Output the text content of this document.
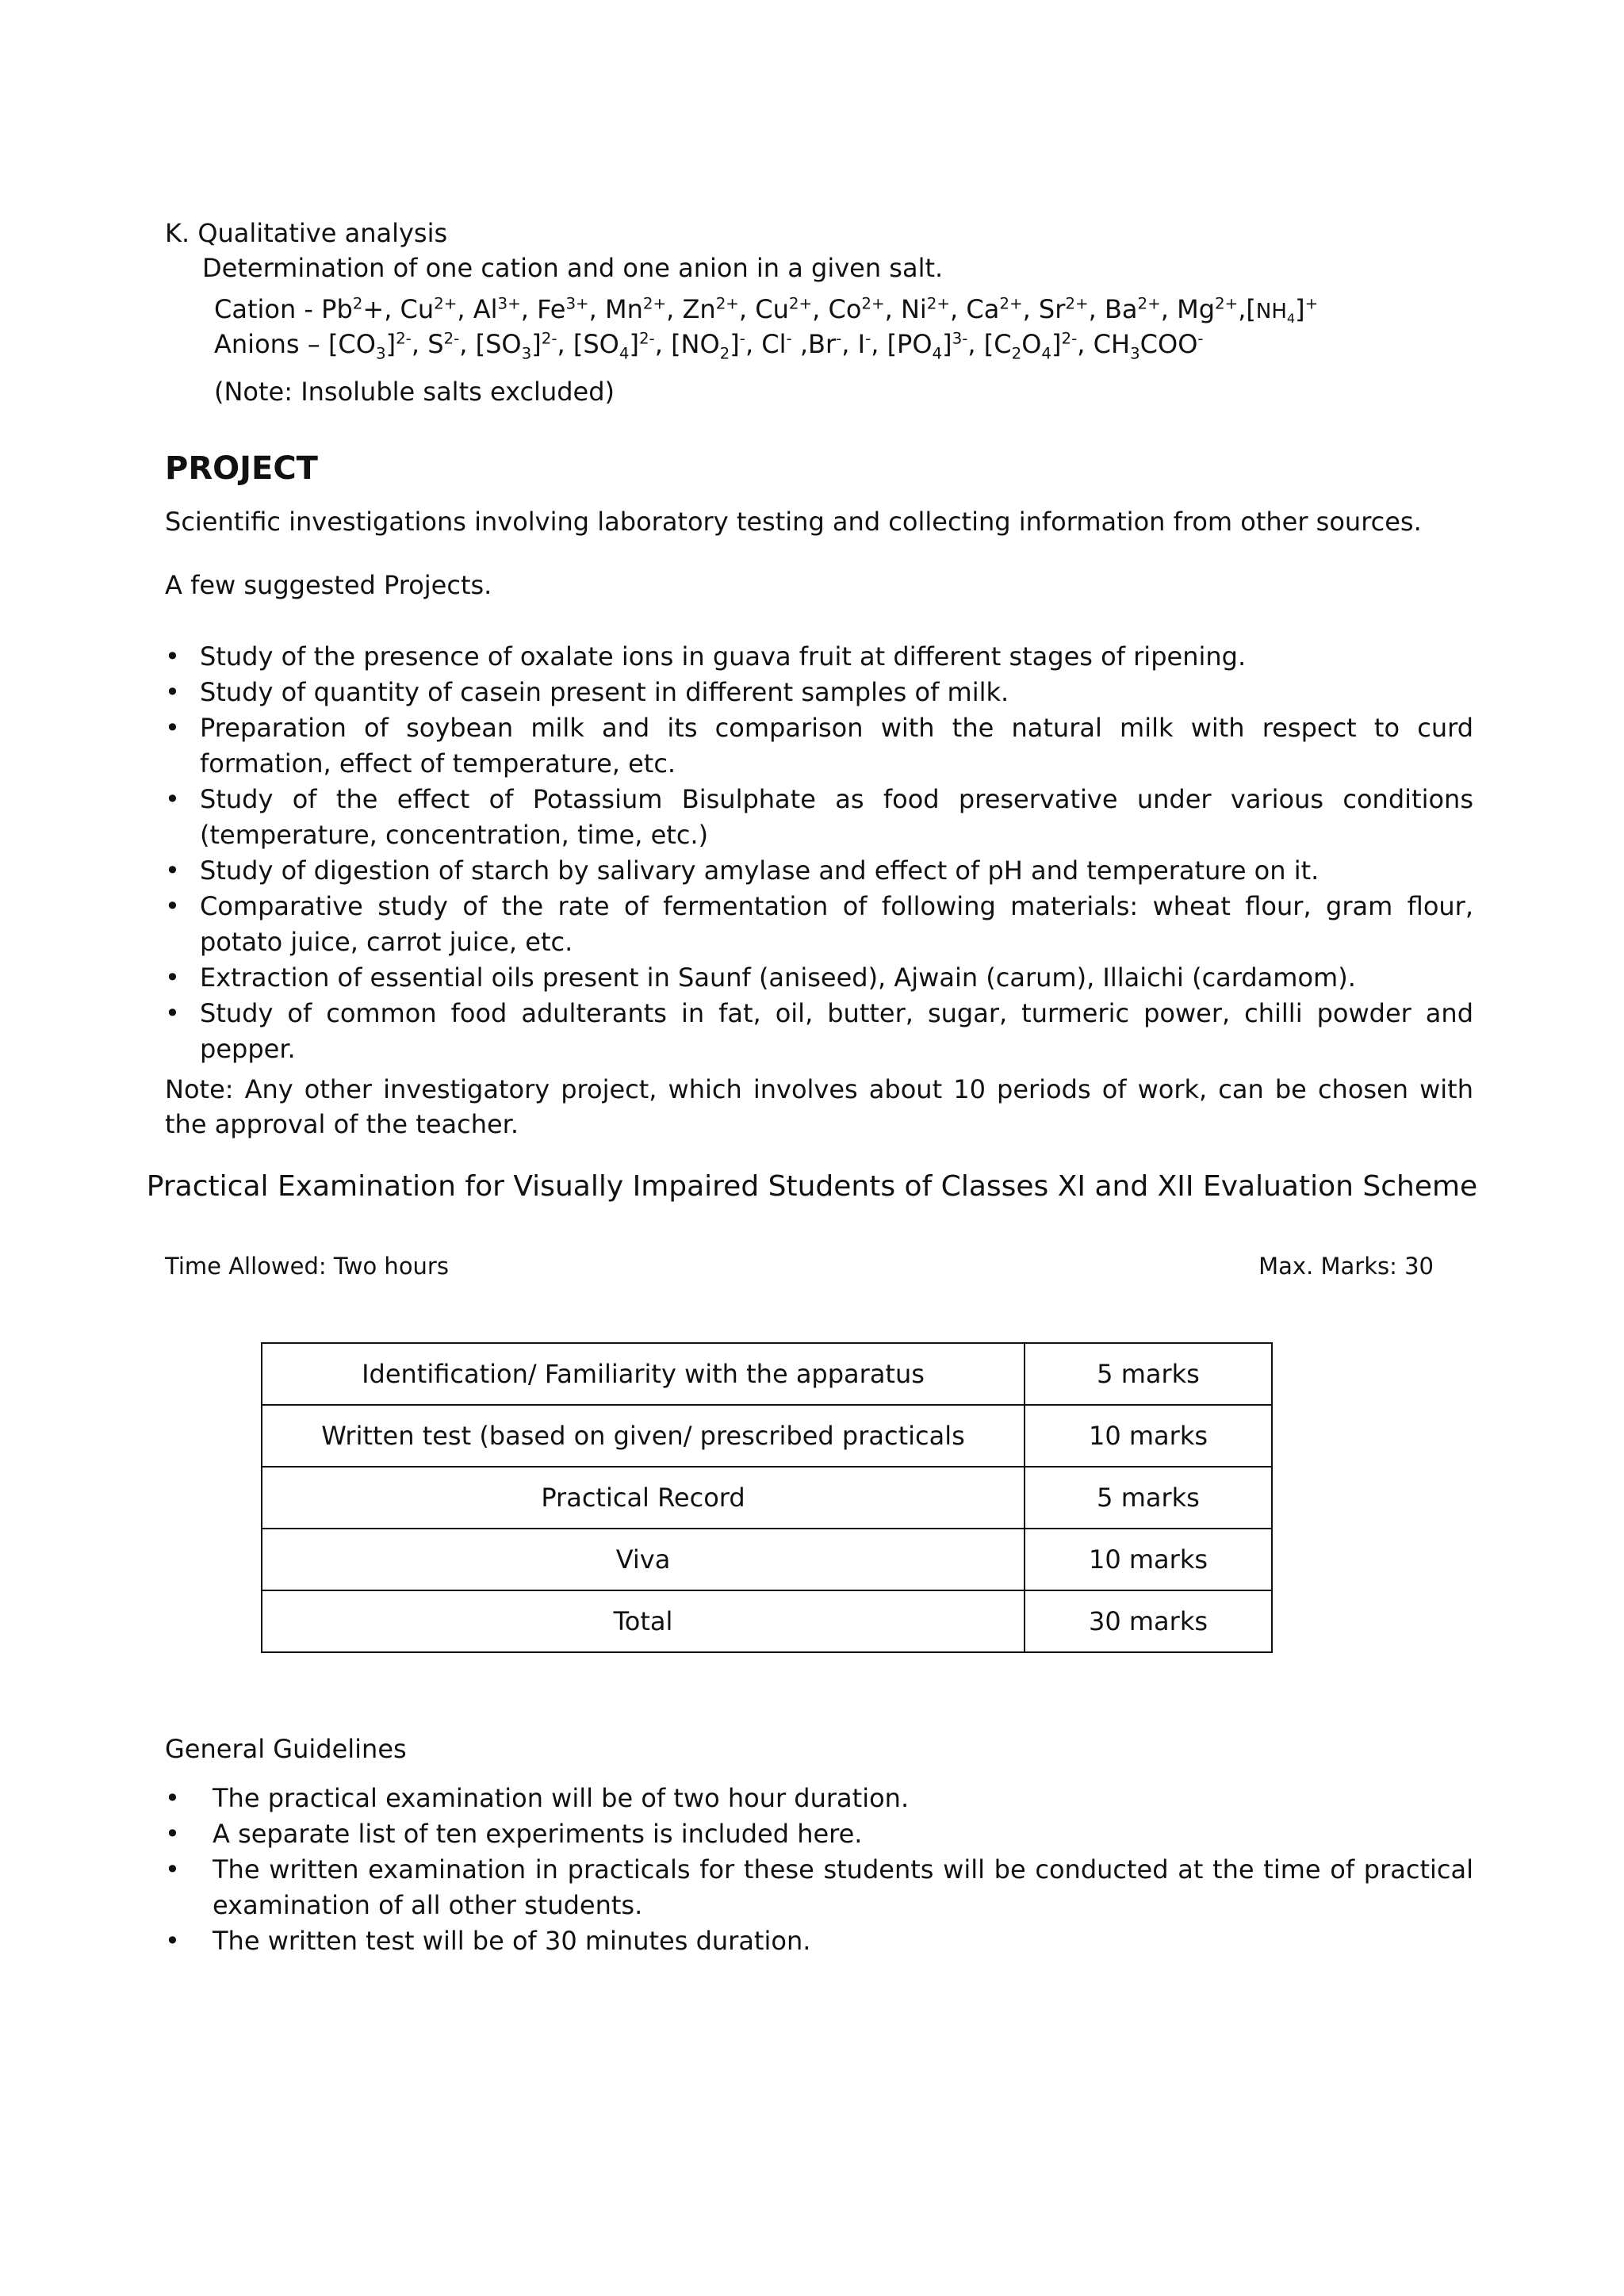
K. Qualitative analysis
Determination of one cation and one anion in a given salt.
Cation - $Pb^2+$, $Cu^{2+}$, $Al^{3+}$, $Fe^{3+}$, $Mn^{2+}$, $Zn^{2+}$, $Cu^{2+}$, $Co^{2+}$, $Ni^{2+}$, $Ca^{2+}$, $Sr^{2+}$, $Ba^{2+}$, $Mg^{2+},[NH_4]^+$
Anions – $[CO_3]^{2-}$, $S^{2-}$, $[SO_3]^{2-}$, $[SO_4]^{2-}$, $[NO_2]^-$, Cl- ,Br-, I-, $[PO_4]^{3-}$, $[C_2O_4]^{2-}$, $CH_3COO^-$
(Note: Insoluble salts excluded)
PROJECT
Scientific investigations involving laboratory testing and collecting information from other sources.
A few suggested Projects.
• Study of the presence of oxalate ions in guava fruit at different stages of ripening.
• Study of quantity of casein present in different samples of milk.
• Preparation of soybean milk and its comparison with the natural milk with respect to curd formation, effect of temperature, etc.
• Study of the effect of Potassium Bisulphate as food preservative under various conditions (temperature, concentration, time, etc.)
• Study of digestion of starch by salivary amylase and effect of pH and temperature on it.
• Comparative study of the rate of fermentation of following materials: wheat flour, gram flour, potato juice, carrot juice, etc.
• Extraction of essential oils present in Saunf (aniseed), Ajwain (carum), Illaichi (cardamom).
• Study of common food adulterants in fat, oil, butter, sugar, turmeric power, chilli powder and pepper.
Note: Any other investigatory project, which involves about 10 periods of work, can be chosen with the approval of the teacher.
Practical Examination for Visually Impaired Students of Classes XI and XII Evaluation Scheme
Time Allowed: Two hours	Max. Marks: 30
Identification/ Familiarity with the apparatus	5 marks
Written test (based on given/ prescribed practicals	10 marks
Practical Record	5 marks
Viva	10 marks
Total	30 marks
General Guidelines
• The practical examination will be of two hour duration.
• A separate list of ten experiments is included here.
• The written examination in practicals for these students will be conducted at the time of practical examination of all other students.
• The written test will be of 30 minutes duration.
